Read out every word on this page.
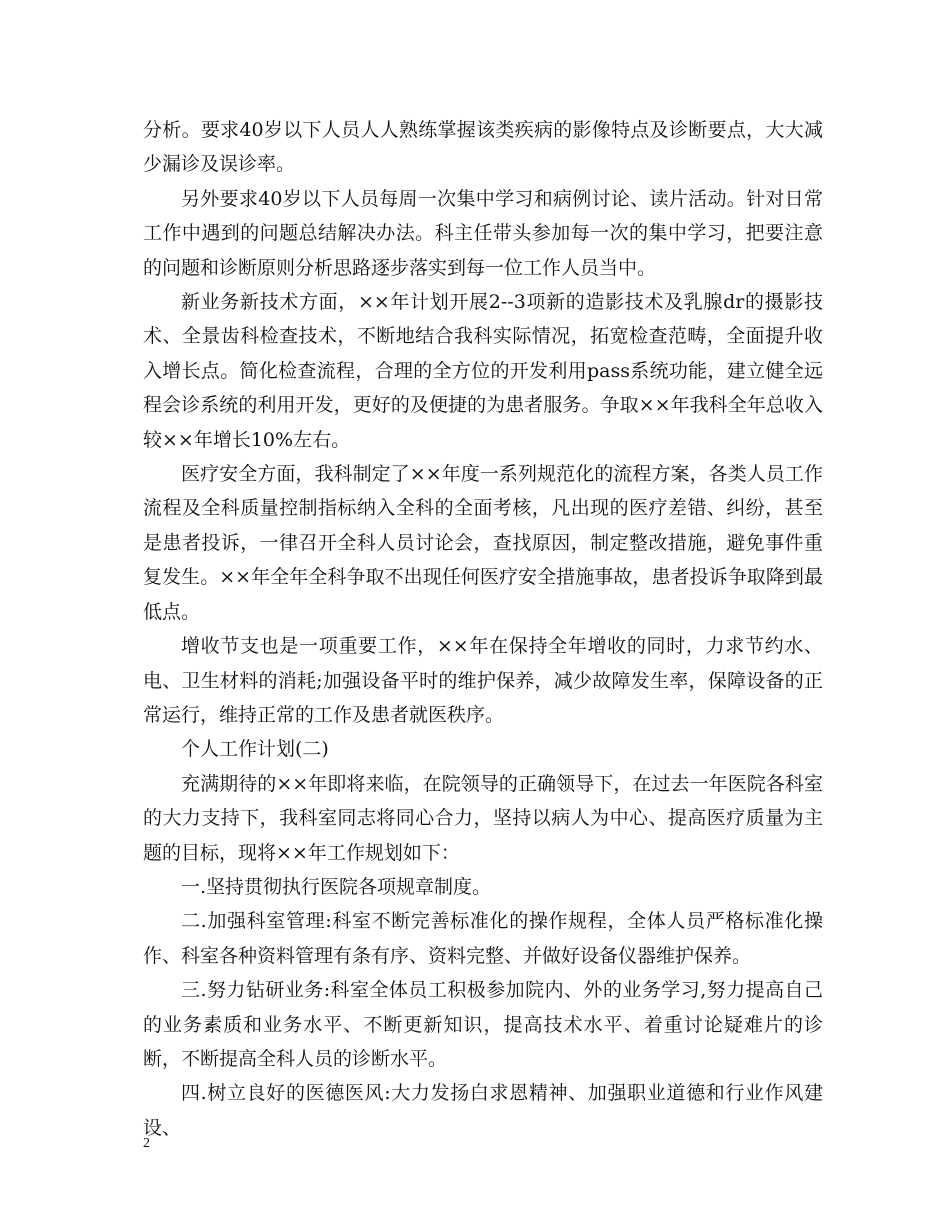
分析。要求40岁以下人员人人熟练掌握该类疾病的影像特点及诊断要点，大大减少漏诊及误诊率。

另外要求40岁以下人员每周一次集中学习和病例讨论、读片活动。针对日常工作中遇到的问题总结解决办法。科主任带头参加每一次的集中学习，把要注意的问题和诊断原则分析思路逐步落实到每一位工作人员当中。

新业务新技术方面，××年计划开展2--3项新的造影技术及乳腺dr的摄影技术、全景齿科检查技术，不断地结合我科实际情况，拓宽检查范畴，全面提升收入增长点。简化检查流程，合理的全方位的开发利用pass系统功能，建立健全远程会诊系统的利用开发，更好的及便捷的为患者服务。争取××年我科全年总收入较××年增长10%左右。

医疗安全方面，我科制定了××年度一系列规范化的流程方案，各类人员工作流程及全科质量控制指标纳入全科的全面考核，凡出现的医疗差错、纠纷，甚至是患者投诉，一律召开全科人员讨论会，查找原因，制定整改措施，避免事件重复发生。××年全年全科争取不出现任何医疗安全措施事故，患者投诉争取降到最低点。

增收节支也是一项重要工作，××年在保持全年增收的同时，力求节约水、电、卫生材料的消耗;加强设备平时的维护保养，减少故障发生率，保障设备的正常运行，维持正常的工作及患者就医秩序。

个人工作计划(二)

充满期待的××年即将来临，在院领导的正确领导下，在过去一年医院各科室的大力支持下，我科室同志将同心合力，坚持以病人为中心、提高医疗质量为主题的目标，现将××年工作规划如下：

一.坚持贯彻执行医院各项规章制度。

二.加强科室管理:科室不断完善标准化的操作规程，全体人员严格标准化操作、科室各种资料管理有条有序、资料完整、并做好设备仪器维护保养。

三.努力钻研业务:科室全体员工积极参加院内、外的业务学习,努力提高自己的业务素质和业务水平、不断更新知识，提高技术水平、着重讨论疑难片的诊断，不断提高全科人员的诊断水平。

四.树立良好的医德医风:大力发扬白求恩精神、加强职业道德和行业作风建设、

2
